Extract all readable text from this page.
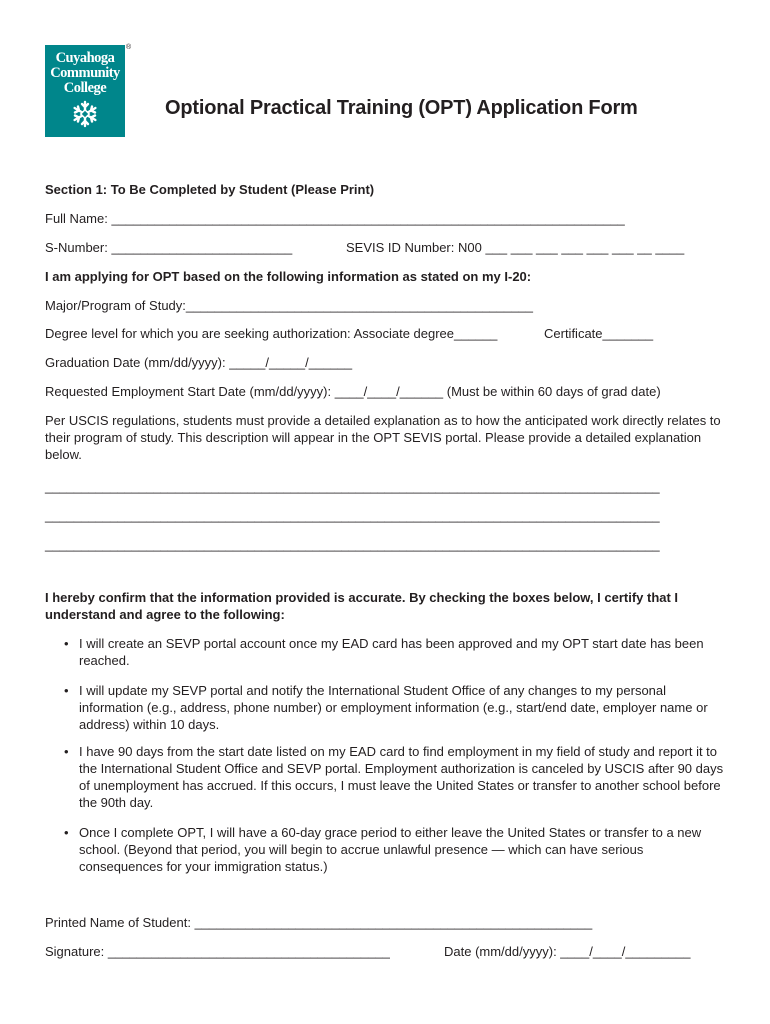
Cuyahoga
Community
College
®
Optional Practical Training (OPT) Application Form
Section 1: To Be Completed by Student (Please Print)
Full Name: _______________________________________________________________________
S-Number: _________________________	SEVIS ID Number: N00 ___ ___ ___ ___ ___ ___ __ ____
I am applying for OPT based on the following information as stated on my I-20:
Major/Program of Study:________________________________________________
Degree level for which you are seeking authorization: Associate degree______	Certificate_______
Graduation Date (mm/dd/yyyy): _____/_____/______
Requested Employment Start Date (mm/dd/yyyy): ____/____/______ (Must be within 60 days of grad date)
Per USCIS regulations, students must provide a detailed explanation as to how the anticipated work directly relates to their program of study. This description will appear in the OPT SEVIS portal. Please provide a detailed explanation below.
_____________________________________________________________________________________
_____________________________________________________________________________________
_____________________________________________________________________________________
I hereby confirm that the information provided is accurate. By checking the boxes below, I certify that I understand and agree to the following:
• I will create an SEVP portal account once my EAD card has been approved and my OPT start date has been reached.
• I will update my SEVP portal and notify the International Student Office of any changes to my personal information (e.g., address, phone number) or employment information (e.g., start/end date, employer name or address) within 10 days.
• I have 90 days from the start date listed on my EAD card to find employment in my field of study and report it to the International Student Office and SEVP portal. Employment authorization is canceled by USCIS after 90 days of unemployment has accrued. If this occurs, I must leave the United States or transfer to another school before the 90th day.
• Once I complete OPT, I will have a 60-day grace period to either leave the United States or transfer to a new school. (Beyond that period, you will begin to accrue unlawful presence — which can have serious consequences for your immigration status.)
Printed Name of Student: _______________________________________________________
Signature: _______________________________________	Date (mm/dd/yyyy): ____/____/_________
